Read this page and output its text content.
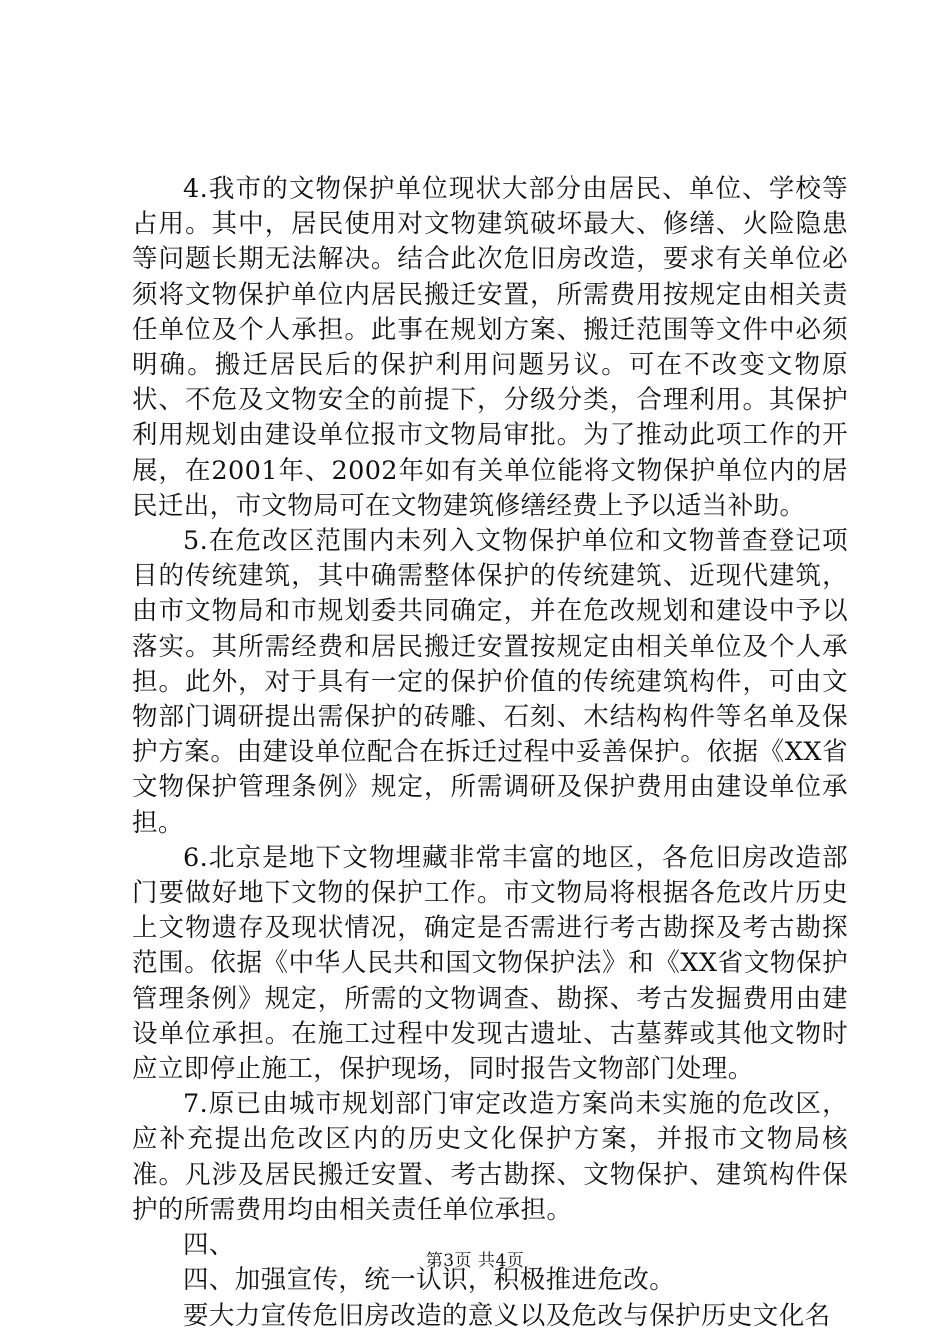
4.我市的文物保护单位现状大部分由居民、单位、学校等占用。其中，居民使用对文物建筑破坏最大、修缮、火险隐患等问题长期无法解决。结合此次危旧房改造，要求有关单位必须将文物保护单位内居民搬迁安置，所需费用按规定由相关责任单位及个人承担。此事在规划方案、搬迁范围等文件中必须明确。搬迁居民后的保护利用问题另议。可在不改变文物原状、不危及文物安全的前提下，分级分类，合理利用。其保护利用规划由建设单位报市文物局审批。为了推动此项工作的开展，在2001年、2002年如有关单位能将文物保护单位内的居民迁出，市文物局可在文物建筑修缮经费上予以适当补助。

5.在危改区范围内未列入文物保护单位和文物普查登记项目的传统建筑，其中确需整体保护的传统建筑、近现代建筑，由市文物局和市规划委共同确定，并在危改规划和建设中予以落实。其所需经费和居民搬迁安置按规定由相关单位及个人承担。此外，对于具有一定的保护价值的传统建筑构件，可由文物部门调研提出需保护的砖雕、石刻、木结构构件等名单及保护方案。由建设单位配合在拆迁过程中妥善保护。依据《XX省文物保护管理条例》规定，所需调研及保护费用由建设单位承担。

6.北京是地下文物埋藏非常丰富的地区，各危旧房改造部门要做好地下文物的保护工作。市文物局将根据各危改片历史上文物遗存及现状情况，确定是否需进行考古勘探及考古勘探范围。依据《中华人民共和国文物保护法》和《XX省文物保护管理条例》规定，所需的文物调查、勘探、考古发掘费用由建设单位承担。在施工过程中发现古遗址、古墓葬或其他文物时应立即停止施工，保护现场，同时报告文物部门处理。

7.原已由城市规划部门审定改造方案尚未实施的危改区，应补充提出危改区内的历史文化保护方案，并报市文物局核准。凡涉及居民搬迁安置、考古勘探、文物保护、建筑构件保护的所需费用均由相关责任单位承担。

四、

四、加强宣传，统一认识，积极推进危改。

要大力宣传危旧房改造的意义以及危改与保护历史文化名

第3页 共4页
